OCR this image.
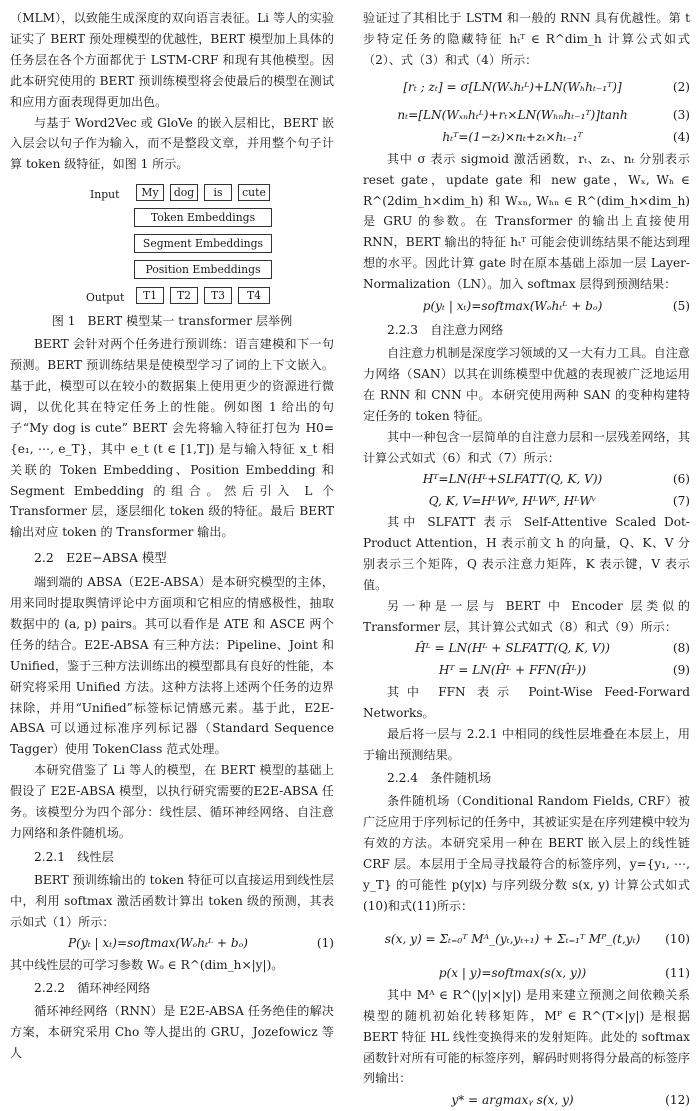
（MLM），以致能生成深度的双向语言表征。Li 等人的实验证实了 BERT 预处理模型的优越性，BERT 模型加上具体的任务层在各个方面都优于 LSTM-CRF 和现有其他模型。因此本研究使用的 BERT 预训练模型将会使最后的模型在测试和应用方面表现得更加出色。

与基于 Word2Vec 或 GloVe 的嵌入层相比，BERT 嵌入层会以句子作为输入，而不是整段文章，并用整个句子计算 token 级特征，如图 1 所示。

Input	My	dog	is	cute
Token Embeddings
Segment Embeddings
Position Embeddings
Output	T1	T2	T3	T4
图 1　BERT 模型某一 transformer 层举例

BERT 会针对两个任务进行预训练：语言建模和下一句预测。BERT 预训练结果是使模型学习了词的上下文嵌入。基于此，模型可以在较小的数据集上使用更少的资源进行微调，以优化其在特定任务上的性能。例如图 1 给出的句子“My dog is cute” BERT 会先将输入特征打包为 H0={e₁, ⋯, e_T}，其中 e_t (t ∈ [1,T]) 是与输入特征 x_t 相关联的 Token Embedding、Position Embedding 和 Segment Embedding 的组合。然后引入 L 个 Transformer 层，逐层细化 token 级的特征。最后 BERT 输出对应 token 的 Transformer 输出。

2.2　E2E−ABSA 模型

端到端的 ABSA（E2E-ABSA）是本研究模型的主体，用来同时提取舆情评论中方面项和它相应的情感极性，抽取数据中的 (a, p) pairs。其可以看作是 ATE 和 ASCE 两个任务的结合。E2E-ABSA 有三种方法：Pipeline、Joint 和 Unified，鉴于三种方法训练出的模型都具有良好的性能，本研究将采用 Unified 方法。这种方法将上述两个任务的边界抹除，并用“Unified”标签标记情感元素。基于此，E2E-ABSA 可以通过标准序列标记器（Standard Sequence Tagger）使用 TokenClass 范式处理。

本研究借鉴了 Li 等人的模型，在 BERT 模型的基础上假设了 E2E-ABSA 模型，以执行研究需要的E2E-ABSA 任务。该模型分为四个部分：线性层、循环神经网络、自注意力网络和条件随机场。

2.2.1　线性层

BERT 预训练输出的 token 特征可以直接运用到线性层中，利用 softmax 激活函数计算出 token 级的预测，其表示如式（1）所示：

P(yₜ | xₜ)=softmax(Wₒhₜᴸ + bₒ)	(1)

其中线性层的可学习参数 Wₒ ∈ R^(dim_h×|y|)。

2.2.2　循环神经网络

循环神经网络（RNN）是 E2E-ABSA 任务绝佳的解决方案，本研究采用 Cho 等人提出的 GRU，Jozefowicz 等人

验证过了其相比于 LSTM 和一般的 RNN 具有优越性。第 t 步特定任务的隐藏特征 hₜᵀ ∈ R^dim_h 计算公式如式（2）、式（3）和式（4）所示：

[rₜ ; zₜ] = σ[LN(Wₓhₜᴸ)+LN(Wₕhₜ₋₁ᵀ)]	(2)
nₜ=[LN(Wₓₙhₜᴸ)+rₜ×LN(Wₕₙhₜ₋₁ᵀ)]tanh	(3)
hₜᵀ=(1−zₜ)×nₜ+zₜ×hₜ₋₁ᵀ	(4)

其中 σ 表示 sigmoid 激活函数，rₜ、zₜ、nₜ 分别表示 reset gate，update gate 和 new gate，Wₓ, Wₕ ∈ R^(2dim_h×dim_h) 和 Wₓₙ, Wₕₙ ∈ R^(dim_h×dim_h) 是 GRU 的参数。在 Transformer 的输出上直接使用 RNN，BERT 输出的特征 hₜᵀ 可能会使训练结果不能达到理想的水平。因此计算 gate 时在原本基础上添加一层 Layer-Normalization（LN）。加入 softmax 层得到预测结果：

p(yₜ | xₜ)=softmax(Wₒhₜᴸ + bₒ)	(5)
2.2.3　自注意力网络

自注意力机制是深度学习领域的又一大有力工具。自注意力网络（SAN）以其在训练模型中优越的表现被广泛地运用在 RNN 和 CNN 中。本研究使用两种 SAN 的变种构建特定任务的 token 特征。

其中一种包含一层简单的自注意力层和一层残差网络，其计算公式如式（6）和式（7）所示：

Hᵀ=LN(Hᴸ+SLFATT(Q, K, V))	(6)
Q, K, V=HᴸWᵠ, HᴸWᴷ, HᴸWᵛ	(7)

其中 SLFATT 表示 Self-Attentive Scaled Dot-Product Attention，H 表示前文 h 的向量，Q、K、V 分别表示三个矩阵，Q 表示注意力矩阵，K 表示键，V 表示值。

另一种是一层与 BERT 中 Encoder 层类似的 Transformer 层，其计算公式如式（8）和式（9）所示：

Ĥᴸ = LN(Hᴸ + SLFATT(Q, K, V))	(8)
Hᵀ = LN(Ĥᴸ + FFN(Ĥᴸ))	(9)

其中 FFN 表示 Point-Wise Feed-Forward Networks。

最后将一层与 2.2.1 中相同的线性层堆叠在本层上，用于输出预测结果。

2.2.4　条件随机场

条件随机场（Conditional Random Fields, CRF）被广泛应用于序列标记的任务中，其被证实是在序列建模中较为有效的方法。本研究采用一种在 BERT 嵌入层上的线性链 CRF 层。本层用于全局寻找最符合的标签序列，y={y₁, ⋯, y_T} 的可能性 p(y|x) 与序列级分数 s(x, y) 计算公式如式(10)和式(11)所示：

s(x, y) = Σₜ₌₀ᵀ Mᴬ_(yₜ,yₜ₊₁) + Σₜ₌₁ᵀ Mᴾ_(t,yₜ)	(10)
p(x | y)=softmax(s(x, y))	(11)

其中 Mᴬ ∈ R^(|y|×|y|) 是用来建立预测之间依赖关系模型的随机初始化转移矩阵，Mᴾ ∈ R^(T×|y|) 是根据 BERT 特征 HL 线性变换得来的发射矩阵。此处的 softmax 函数针对所有可能的标签序列，解码时则将得分最高的标签序列输出：

y* = argmaxᵧ s(x, y)	(12)
